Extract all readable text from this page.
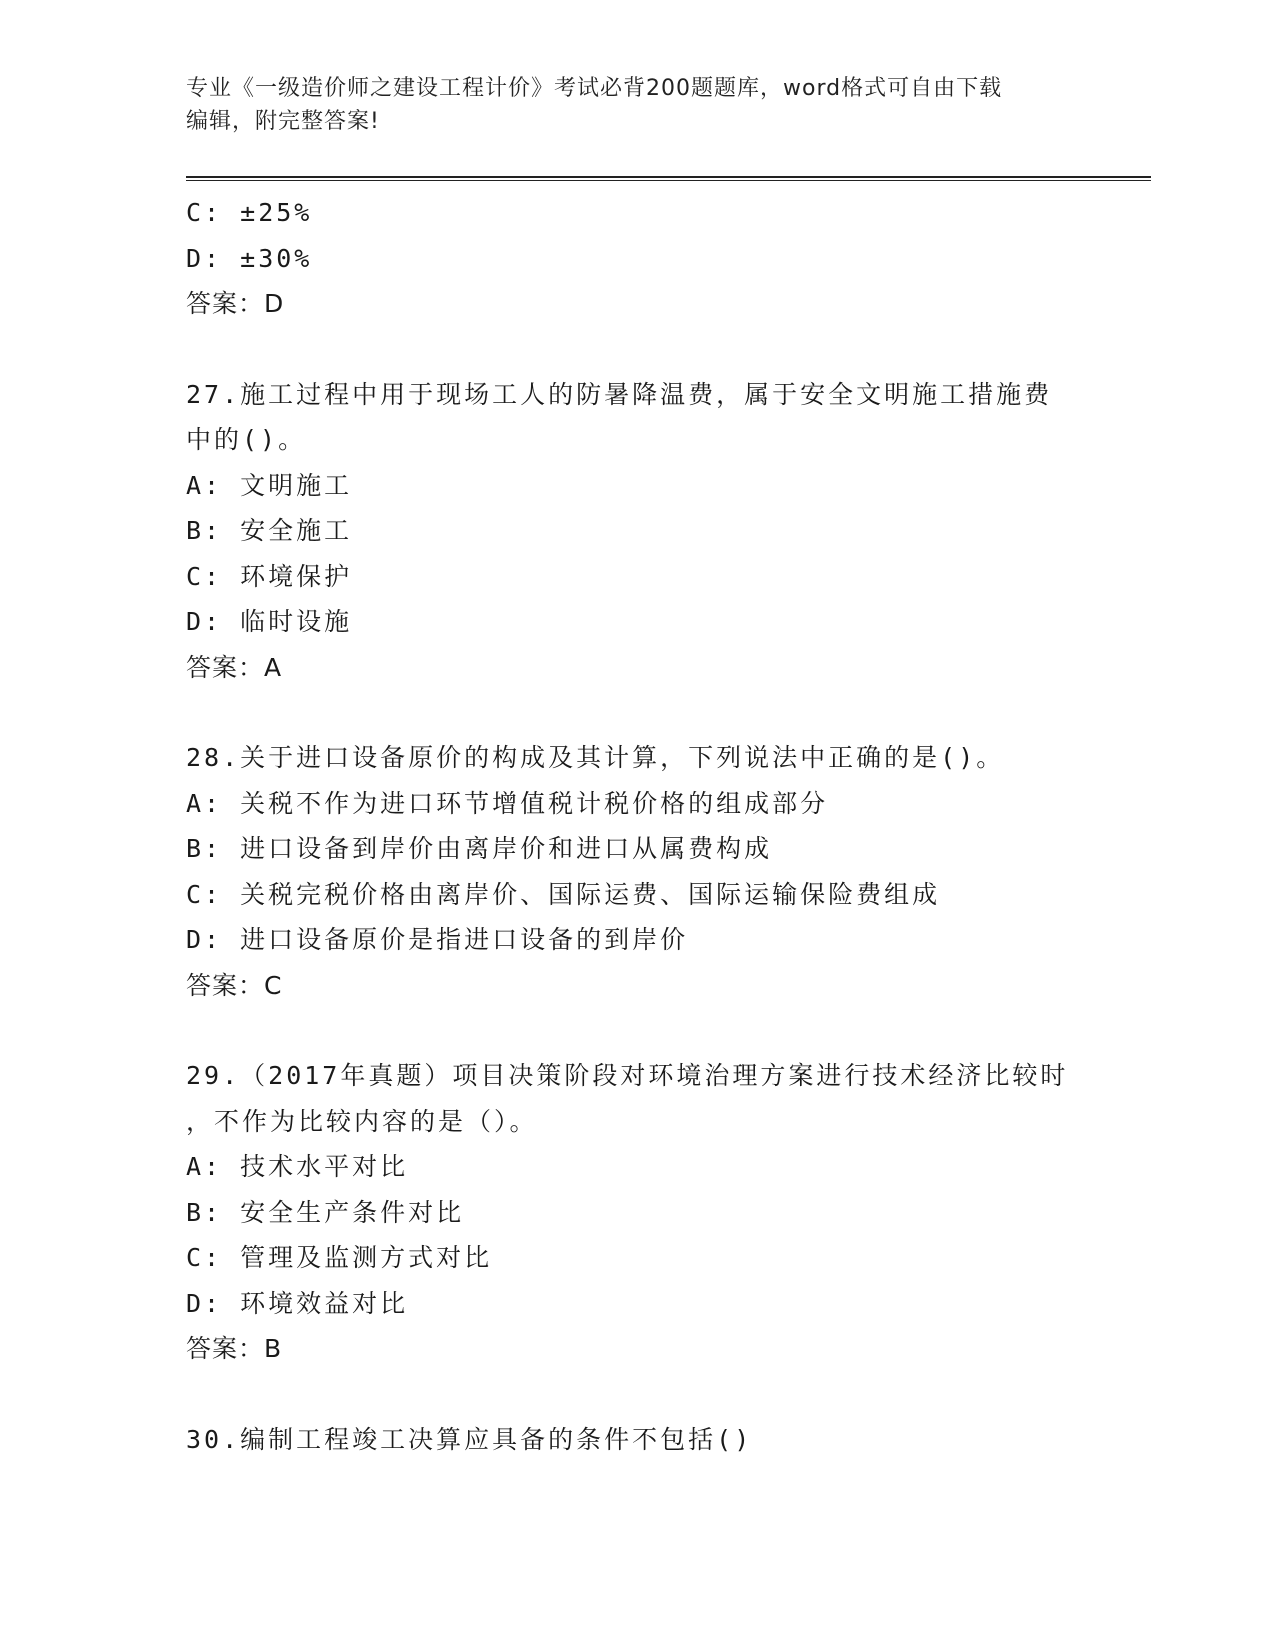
专业《一级造价师之建设工程计价》考试必背200题题库，word格式可自由下载
编辑，附完整答案!
C: ±25%
D: ±30%
答案：D
27.施工过程中用于现场工人的防暑降温费，属于安全文明施工措施费
中的()。
A: 文明施工
B: 安全施工
C: 环境保护
D: 临时设施
答案：A
28.关于进口设备原价的构成及其计算，下列说法中正确的是()。
A: 关税不作为进口环节增值税计税价格的组成部分
B: 进口设备到岸价由离岸价和进口从属费构成
C: 关税完税价格由离岸价、国际运费、国际运输保险费组成
D: 进口设备原价是指进口设备的到岸价
答案：C
29.（2017年真题）项目决策阶段对环境治理方案进行技术经济比较时
，不作为比较内容的是（）。
A: 技术水平对比
B: 安全生产条件对比
C: 管理及监测方式对比
D: 环境效益对比
答案：B
30.编制工程竣工决算应具备的条件不包括()
